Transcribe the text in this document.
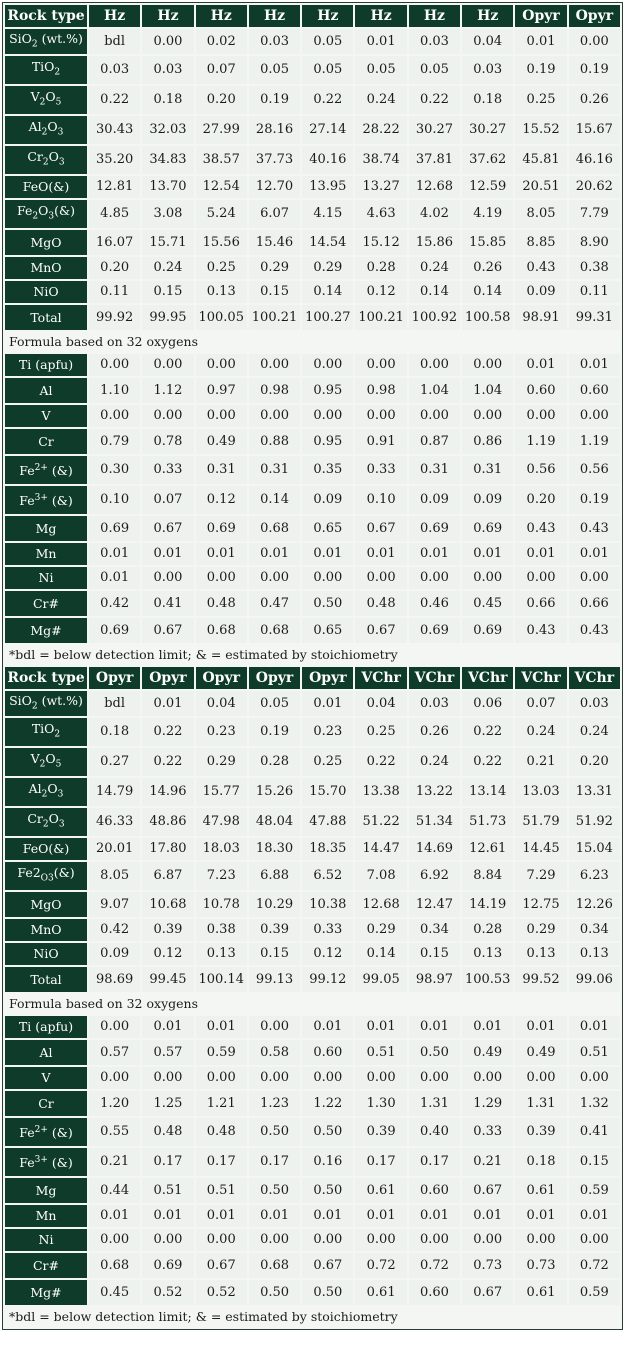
Rock type	Hz	Hz	Hz	Hz	Hz	Hz	Hz	Hz	Opyr	Opyr
SiO$_2$ (wt.%)	bdl	0.00	0.02	0.03	0.05	0.01	0.03	0.04	0.01	0.00
TiO$_2$	0.03	0.03	0.07	0.05	0.05	0.05	0.05	0.03	0.19	0.19
$V_2O_5$	0.22	0.18	0.20	0.19	0.22	0.24	0.22	0.18	0.25	0.26
$Al_2O_3$	30.43	32.03	27.99	28.16	27.14	28.22	30.27	30.27	15.52	15.67
$Cr_2O_3$	35.20	34.83	38.57	37.73	40.16	38.74	37.81	37.62	45.81	46.16
FeO(&)	12.81	13.70	12.54	12.70	13.95	13.27	12.68	12.59	20.51	20.62
$Fe_2O_3(\&)$	4.85	3.08	5.24	6.07	4.15	4.63	4.02	4.19	8.05	7.79
MgO	16.07	15.71	15.56	15.46	14.54	15.12	15.86	15.85	8.85	8.90
MnO	0.20	0.24	0.25	0.29	0.29	0.28	0.24	0.26	0.43	0.38
NiO	0.11	0.15	0.13	0.15	0.14	0.12	0.14	0.14	0.09	0.11
Total	99.92	99.95	100.05	100.21	100.27	100.21	100.92	100.58	98.91	99.31
Formula based on 32 oxygens										
Ti (apfu)	0.00	0.00	0.00	0.00	0.00	0.00	0.00	0.00	0.01	0.01
Al	1.10	1.12	0.97	0.98	0.95	0.98	1.04	1.04	0.60	0.60
V	0.00	0.00	0.00	0.00	0.00	0.00	0.00	0.00	0.00	0.00
Cr	0.79	0.78	0.49	0.88	0.95	0.91	0.87	0.86	1.19	1.19
$Fe^{2+}$ (&)	0.30	0.33	0.31	0.31	0.35	0.33	0.31	0.31	0.56	0.56
$Fe^{3+}$ (&)	0.10	0.07	0.12	0.14	0.09	0.10	0.09	0.09	0.20	0.19
Mg	0.69	0.67	0.69	0.68	0.65	0.67	0.69	0.69	0.43	0.43
Mn	0.01	0.01	0.01	0.01	0.01	0.01	0.01	0.01	0.01	0.01
Ni	0.01	0.00	0.00	0.00	0.00	0.00	0.00	0.00	0.00	0.00
Cr#	0.42	0.41	0.48	0.47	0.50	0.48	0.46	0.45	0.66	0.66
Mg#	0.69	0.67	0.68	0.68	0.65	0.67	0.69	0.69	0.43	0.43
*bdl = below detection limit; & = estimated by stoichiometry										
Rock type	Opyr	Opyr	Opyr	Opyr	Opyr	VChr	VChr	VChr	VChr	VChr
SiO$_2$ (wt.%)	bdl	0.01	0.04	0.05	0.01	0.04	0.03	0.06	0.07	0.03
TiO$_2$	0.18	0.22	0.23	0.19	0.23	0.25	0.26	0.22	0.24	0.24
$V_2O_5$	0.27	0.22	0.29	0.28	0.25	0.22	0.24	0.22	0.21	0.20
$Al_2O_3$	14.79	14.96	15.77	15.26	15.70	13.38	13.22	13.14	13.03	13.31
$Cr_2O_3$	46.33	48.86	47.98	48.04	47.88	51.22	51.34	51.73	51.79	51.92
FeO(&)	20.01	17.80	18.03	18.30	18.35	14.47	14.69	12.61	14.45	15.04
$Fe2_{O3}(\&)$	8.05	6.87	7.23	6.88	6.52	7.08	6.92	8.84	7.29	6.23
MgO	9.07	10.68	10.78	10.29	10.38	12.68	12.47	14.19	12.75	12.26
MnO	0.42	0.39	0.38	0.39	0.33	0.29	0.34	0.28	0.29	0.34
NiO	0.09	0.12	0.13	0.15	0.12	0.14	0.15	0.13	0.13	0.13
Total	98.69	99.45	100.14	99.13	99.12	99.05	98.97	100.53	99.52	99.06
Formula based on 32 oxygens										
Ti (apfu)	0.00	0.01	0.01	0.00	0.01	0.01	0.01	0.01	0.01	0.01
Al	0.57	0.57	0.59	0.58	0.60	0.51	0.50	0.49	0.49	0.51
V	0.00	0.00	0.00	0.00	0.00	0.00	0.00	0.00	0.00	0.00
Cr	1.20	1.25	1.21	1.23	1.22	1.30	1.31	1.29	1.31	1.32
$Fe^{2+}$ (&)	0.55	0.48	0.48	0.50	0.50	0.39	0.40	0.33	0.39	0.41
$Fe^{3+}$ (&)	0.21	0.17	0.17	0.17	0.16	0.17	0.17	0.21	0.18	0.15
Mg	0.44	0.51	0.51	0.50	0.50	0.61	0.60	0.67	0.61	0.59
Mn	0.01	0.01	0.01	0.01	0.01	0.01	0.01	0.01	0.01	0.01
Ni	0.00	0.00	0.00	0.00	0.00	0.00	0.00	0.00	0.00	0.00
Cr#	0.68	0.69	0.67	0.68	0.67	0.72	0.72	0.73	0.73	0.72
Mg#	0.45	0.52	0.52	0.50	0.50	0.61	0.60	0.67	0.61	0.59
*bdl = below detection limit; & = estimated by stoichiometry										
